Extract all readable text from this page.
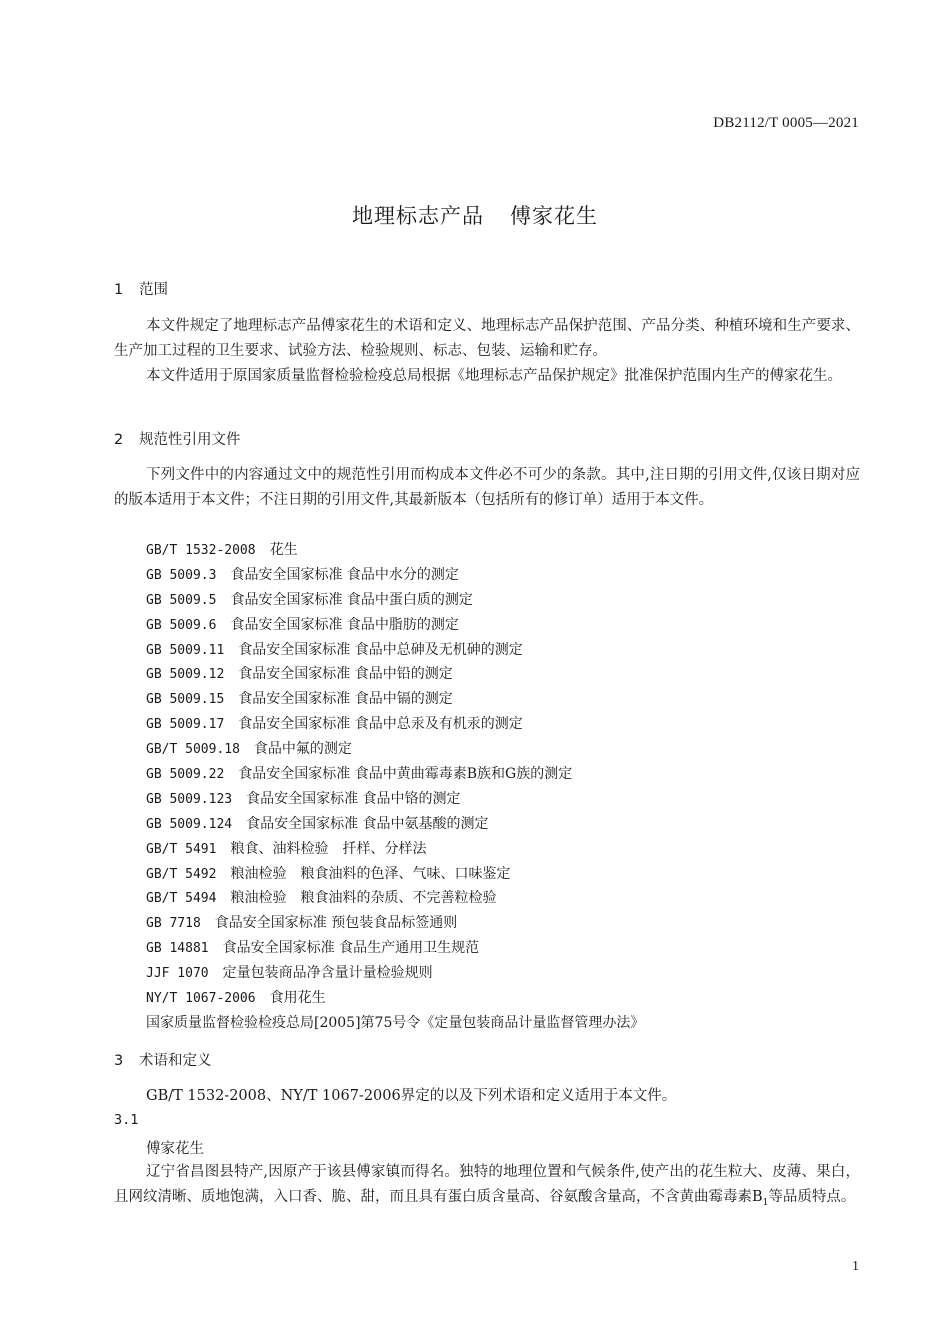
DB2112/T 0005—2021
地理标志产品 傅家花生
1 范围

本文件规定了地理标志产品傅家花生的术语和定义、地理标志产品保护范围、产品分类、种植环境和生产要求、生产加工过程的卫生要求、试验方法、检验规则、标志、包装、运输和贮存。

本文件适用于原国家质量监督检验检疫总局根据《地理标志产品保护规定》批准保护范围内生产的傅家花生。

2 规范性引用文件

下列文件中的内容通过文中的规范性引用而构成本文件必不可少的条款。其中,注日期的引用文件,仅该日期对应的版本适用于本文件；不注日期的引用文件,其最新版本（包括所有的修订单）适用于本文件。

GB/T 1532-2008 花生
GB 5009.3 食品安全国家标准 食品中水分的测定
GB 5009.5 食品安全国家标准 食品中蛋白质的测定
GB 5009.6 食品安全国家标准 食品中脂肪的测定
GB 5009.11 食品安全国家标准 食品中总砷及无机砷的测定
GB 5009.12 食品安全国家标准 食品中铅的测定
GB 5009.15 食品安全国家标准 食品中镉的测定
GB 5009.17 食品安全国家标准 食品中总汞及有机汞的测定
GB/T 5009.18 食品中氟的测定
GB 5009.22 食品安全国家标准 食品中黄曲霉毒素B族和G族的测定
GB 5009.123 食品安全国家标准 食品中铬的测定
GB 5009.124 食品安全国家标准 食品中氨基酸的测定
GB/T 5491 粮食、油料检验　扦样、分样法
GB/T 5492 粮油检验　粮食油料的色泽、气味、口味鉴定
GB/T 5494 粮油检验　粮食油料的杂质、不完善粒检验
GB 7718 食品安全国家标准 预包装食品标签通则
GB 14881 食品安全国家标准 食品生产通用卫生规范
JJF 1070 定量包装商品净含量计量检验规则
NY/T 1067-2006 食用花生
国家质量监督检验检疫总局[2005]第75号令《定量包装商品计量监督管理办法》
3 术语和定义

GB/T 1532-2008、NY/T 1067-2006界定的以及下列术语和定义适用于本文件。

3.1
傅家花生

辽宁省昌图县特产,因原产于该县傅家镇而得名。独特的地理位置和气候条件,使产出的花生粒大、皮薄、果白，且网纹清晰、质地饱满，入口香、脆、甜，而且具有蛋白质含量高、谷氨酸含量高，不含黄曲霉毒素$B_1$等品质特点。

1
